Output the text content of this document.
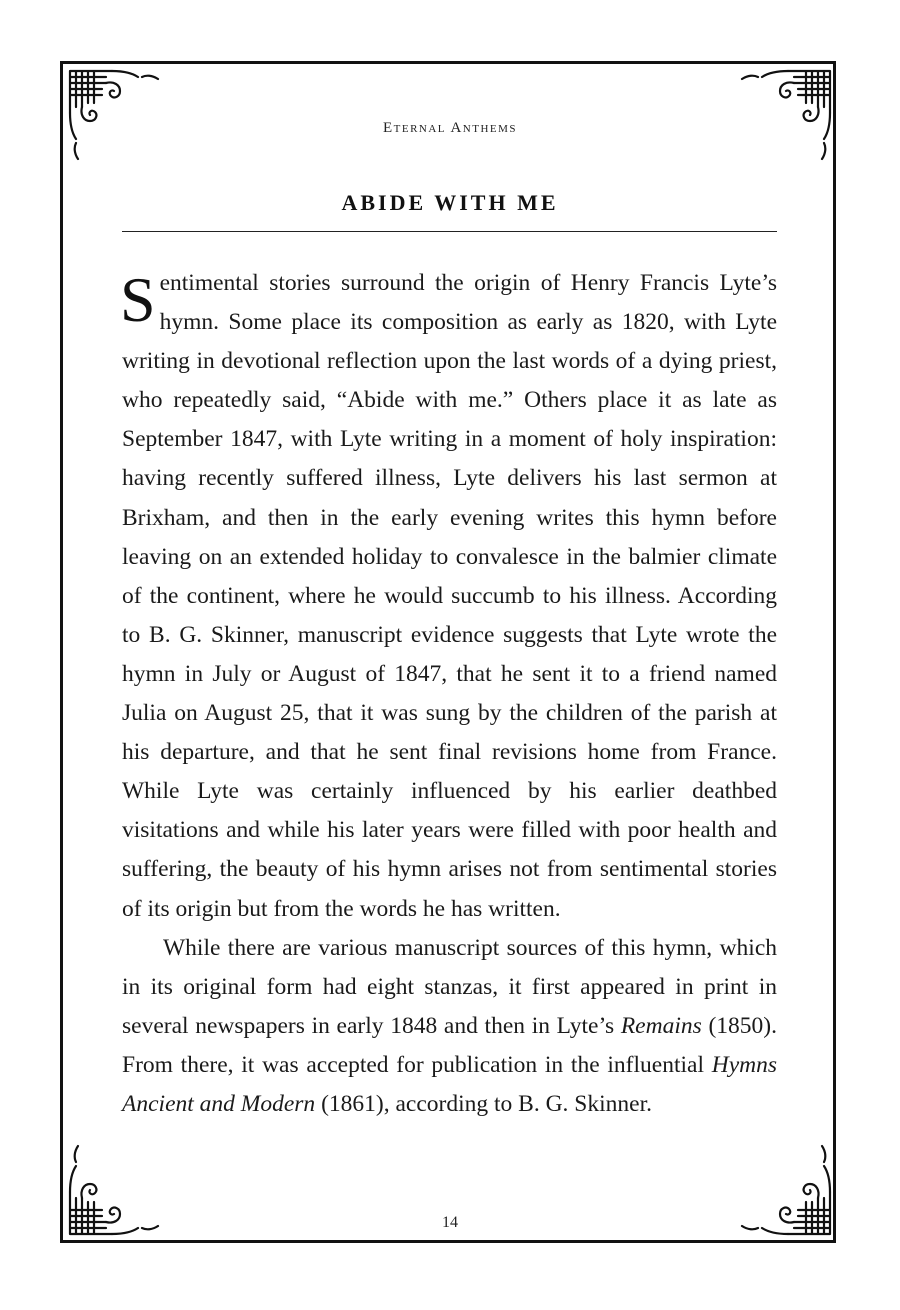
Eternal Anthems
ABIDE WITH ME

Sentimental stories surround the origin of Henry Francis Lyte’s hymn. Some place its composition as early as 1820, with Lyte writing in devotional reflection upon the last words of a dying priest, who repeatedly said, “Abide with me.” Others place it as late as September 1847, with Lyte writing in a moment of holy inspiration: having recently suffered illness, Lyte delivers his last sermon at Brixham, and then in the early evening writes this hymn before leaving on an extended holiday to convalesce in the balmier climate of the continent, where he would succumb to his illness. According to B. G. Skinner, manuscript evidence suggests that Lyte wrote the hymn in July or August of 1847, that he sent it to a friend named Julia on August 25, that it was sung by the children of the parish at his departure, and that he sent final revisions home from France. While Lyte was certainly influenced by his earlier deathbed visitations and while his later years were filled with poor health and suffering, the beauty of his hymn arises not from sentimental stories of its origin but from the words he has written.

While there are various manuscript sources of this hymn, which in its original form had eight stanzas, it first appeared in print in several newspapers in early 1848 and then in Lyte’s Remains (1850). From there, it was accepted for publication in the influential Hymns Ancient and Modern (1861), according to B. G. Skinner.

14
